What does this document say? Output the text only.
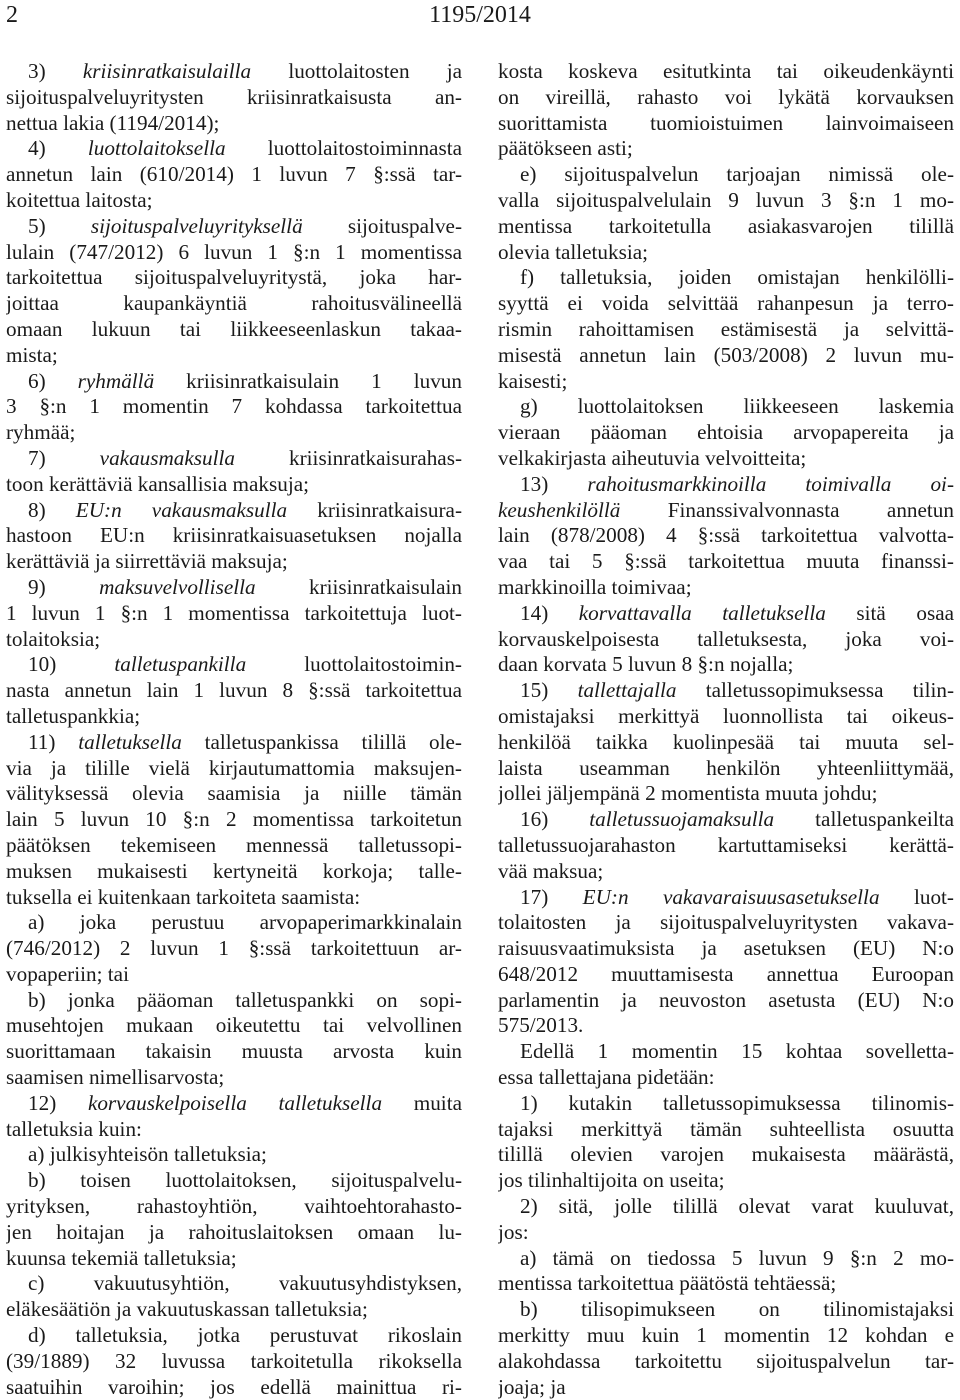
2	1195/2014
3) kriisinratkaisulailla luottolaitosten ja
sijoituspalveluyritysten kriisinratkaisusta an-
nettua lakia (1194/2014);
4) luottolaitoksella luottolaitostoiminnasta
annetun lain (610/2014) 1 luvun 7 §:ssä tar-
koitettua laitosta;
5) sijoituspalveluyrityksellä sijoituspalve-
lulain (747/2012) 6 luvun 1 §:n 1 momentissa
tarkoitettua sijoituspalveluyritystä, joka har-
joittaa kaupankäyntiä rahoitusvälineellä
omaan lukuun tai liikkeeseenlaskun takaa-
mista;
6) ryhmällä kriisinratkaisulain 1 luvun
3 §:n 1 momentin 7 kohdassa tarkoitettua
ryhmää;
7) vakausmaksulla kriisinratkaisurahas-
toon kerättäviä kansallisia maksuja;
8) EU:n vakausmaksulla kriisinratkaisura-
hastoon EU:n kriisinratkaisuasetuksen nojalla
kerättäviä ja siirrettäviä maksuja;
9) maksuvelvollisella kriisinratkaisulain
1 luvun 1 §:n 1 momentissa tarkoitettuja luot-
tolaitoksia;
10) talletuspankilla luottolaitostoimin-
nasta annetun lain 1 luvun 8 §:ssä tarkoitettua
talletuspankkia;
11) talletuksella talletuspankissa tilillä ole-
via ja tilille vielä kirjautumattomia maksujen-
välityksessä olevia saamisia ja niille tämän
lain 5 luvun 10 §:n 2 momentissa tarkoitetun
päätöksen tekemiseen mennessä talletussopi-
muksen mukaisesti kertyneitä korkoja; talle-
tuksella ei kuitenkaan tarkoiteta saamista:
a) joka perustuu arvopaperimarkkinalain
(746/2012) 2 luvun 1 §:ssä tarkoitettuun ar-
vopaperiin; tai
b) jonka pääoman talletuspankki on sopi-
musehtojen mukaan oikeutettu tai velvollinen
suorittamaan takaisin muusta arvosta kuin
saamisen nimellisarvosta;
12) korvauskelpoisella talletuksella muita
talletuksia kuin:
a) julkisyhteisön talletuksia;
b) toisen luottolaitoksen, sijoituspalvelu-
yrityksen, rahastoyhtiön, vaihtoehtorahasto-
jen hoitajan ja rahoituslaitoksen omaan lu-
kuunsa tekemiä talletuksia;
c) vakuutusyhtiön, vakuutusyhdistyksen,
eläkesäätiön ja vakuutuskassan talletuksia;
d) talletuksia, jotka perustuvat rikoslain
(39/1889) 32 luvussa tarkoitetulla rikoksella
saatuihin varoihin; jos edellä mainittua ri-
kosta koskeva esitutkinta tai oikeudenkäynti
on vireillä, rahasto voi lykätä korvauksen
suorittamista tuomioistuimen lainvoimaiseen
päätökseen asti;
e) sijoituspalvelun tarjoajan nimissä ole-
valla sijoituspalvelulain 9 luvun 3 §:n 1 mo-
mentissa tarkoitetulla asiakasvarojen tilillä
olevia talletuksia;
f) talletuksia, joiden omistajan henkilölli-
syyttä ei voida selvittää rahanpesun ja terro-
rismin rahoittamisen estämisestä ja selvittä-
misestä annetun lain (503/2008) 2 luvun mu-
kaisesti;
g) luottolaitoksen liikkeeseen laskemia
vieraan pääoman ehtoisia arvopapereita ja
velkakirjasta aiheutuvia velvoitteita;
13) rahoitusmarkkinoilla toimivalla oi-
keushenkilöllä Finanssivalvonnasta annetun
lain (878/2008) 4 §:ssä tarkoitettua valvotta-
vaa tai 5 §:ssä tarkoitettua muuta finanssi-
markkinoilla toimivaa;
14) korvattavalla talletuksella sitä osaa
korvauskelpoisesta talletuksesta, joka voi-
daan korvata 5 luvun 8 §:n nojalla;
15) tallettajalla talletussopimuksessa tilin-
omistajaksi merkittyä luonnollista tai oikeus-
henkilöä taikka kuolinpesää tai muuta sel-
laista useamman henkilön yhteenliittymää,
jollei jäljempänä 2 momentista muuta johdu;
16) talletussuojamaksulla talletuspankeilta
talletussuojarahaston kartuttamiseksi kerättä-
vää maksua;
17) EU:n vakavaraisuusasetuksella luot-
tolaitosten ja sijoituspalveluyritysten vakava-
raisuusvaatimuksista ja asetuksen (EU) N:o
648/2012 muuttamisesta annettua Euroopan
parlamentin ja neuvoston asetusta (EU) N:o
575/2013.
Edellä 1 momentin 15 kohtaa sovelletta-
essa tallettajana pidetään:
1) kutakin talletussopimuksessa tilinomis-
tajaksi merkittyä tämän suhteellista osuutta
tilillä olevien varojen mukaisesta määrästä,
jos tilinhaltijoita on useita;
2) sitä, jolle tilillä olevat varat kuuluvat,
jos:
a) tämä on tiedossa 5 luvun 9 §:n 2 mo-
mentissa tarkoitettua päätöstä tehtäessä;
b) tilisopimukseen on tilinomistajaksi
merkitty muu kuin 1 momentin 12 kohdan e
alakohdassa tarkoitettu sijoituspalvelun tar-
joaja; ja
